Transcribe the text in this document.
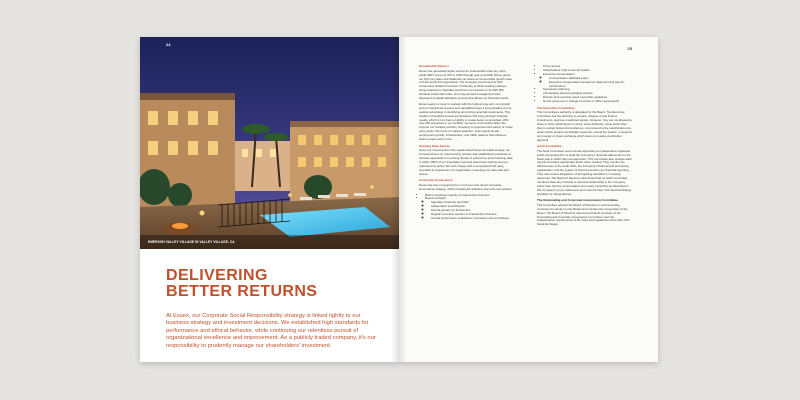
24
EMERSON VALLEY VILLAGE IN VALLEY VILLAGE, CA
DELIVERING
BETTER RETURNS

At Essex, our Corporate Social Responsibility strategy is linked tightly to our business strategy and investment decisions. We established high standards for performance and ethical behavior, while continuing our relentless pursuit of organizational excellence and improvement. As a publicly traded company, it's our responsibility to prudently manage our shareholders' investment.

25
Sustainable Returns

Essex has generated higher returns for shareholders than any other public REIT since our IPO in 1994 through year-end 2018. We've grown our FFO per share and dividends per share at compounded growth rates of 8.4% and 6.4% respectively. The Company announced its 24th consecutive dividend increase in February of 2019, leading to Essex being selected by Standard and Poor's for inclusion in its S&P 500 Dividend Aristocrats Index. Our long-tenured management team developed a capital allocation process that allows our financial results.

Essex seeks to invest in markets with the highest long-term rent growth and our disciplined process and capabilities have a long decades of rent position advantage in identifying and pricing potential investments. This results in thoughtful investment decisions that bring stronger financial results, which in turn fuel our ability to create better communities. With over 250 properties in our portfolio, we focus communities alike. We improve our resident portfolio, investing in properties and variety of rental price points. We focus on market selection, local supply trends, employment growth, infrastructure, and traffic patterns that influence where people want to live.

Keeping Data Secure

Given our investments in the capital asset homes and data storage, we increased focus on cybersecurity policies and established procedures to educate associates on evolving threats of cybercrime and protecting data. In 2018, 100% of our associates received awareness training and our cybersecurity policy. We work closely with a recognized third party, specialist to supplement our organization in keeping our data safe and secure.

Corporate Governance

Essex has been recognized for our proven and robust Corporate Governance strategy, which includes the following elements and policies:

• Board comprised majority of independent directors
• Board oversight:
◦ Separate Chairman and CEO
◦ Independent Lead Director
◦ Annual election for all directors
◦ Regular executive session of independent directors
◦ Annual performance evaluations of directors and committees
• Proxy access
• Shareholders' right to amend bylaws
• Executive compensation:
◦ Compensation clawback policy
◦ Executive compensation focused on alignment and pay-for-performance
• Succession planning
• Anti-hedging and anti-pledging policies
• Director and executive stock ownership guidelines
• No tax gross-ups in change of control or officer agreements
The Executive Committee

This Committee's authority is delegated by the Board. The Executive Committee has the authority to acquire, dispose of and finance investments, approve unsolicited parties. However, they are not allowed to issue or other distributions on stock, stock dividends, issue stock other than in certain limited circumstances, recommend to the stockholders any action which requires stockholder approval, amend the bylaws, or approve any merger or share exchange which does not require stockholder approval.

Audit Committee

The Audit Committee recommends appointing an independent registered public accounting firm to audit the Company's financial statements for the fiscal year in which they are appointed. This Committee also reviews audit reports and takes appropriate action when needed. They monitor the effectiveness of the audit effort, the Company's financial and accounting organization, and the system of internal controls over financial reporting. They also review allegations of wrongdoing identified in Company personnel. The Board of Directors determined that no Audit Committee members have any financial or personal relationship to the Company (other than director compensation and equity ownership as described in this Company's proxy statement) and meet the New York Stock Exchange standard for independence.

The Nominating and Corporate Governance Committee

This Committee advises the Board of Directors in recommending nominees for election to the Board and monitors the composition of the Board. The Board of Directors determined that all members of the Nominating and Corporate Governance Committee meet the independence requirements of the rules and regulations of the New York Stock Exchange.
